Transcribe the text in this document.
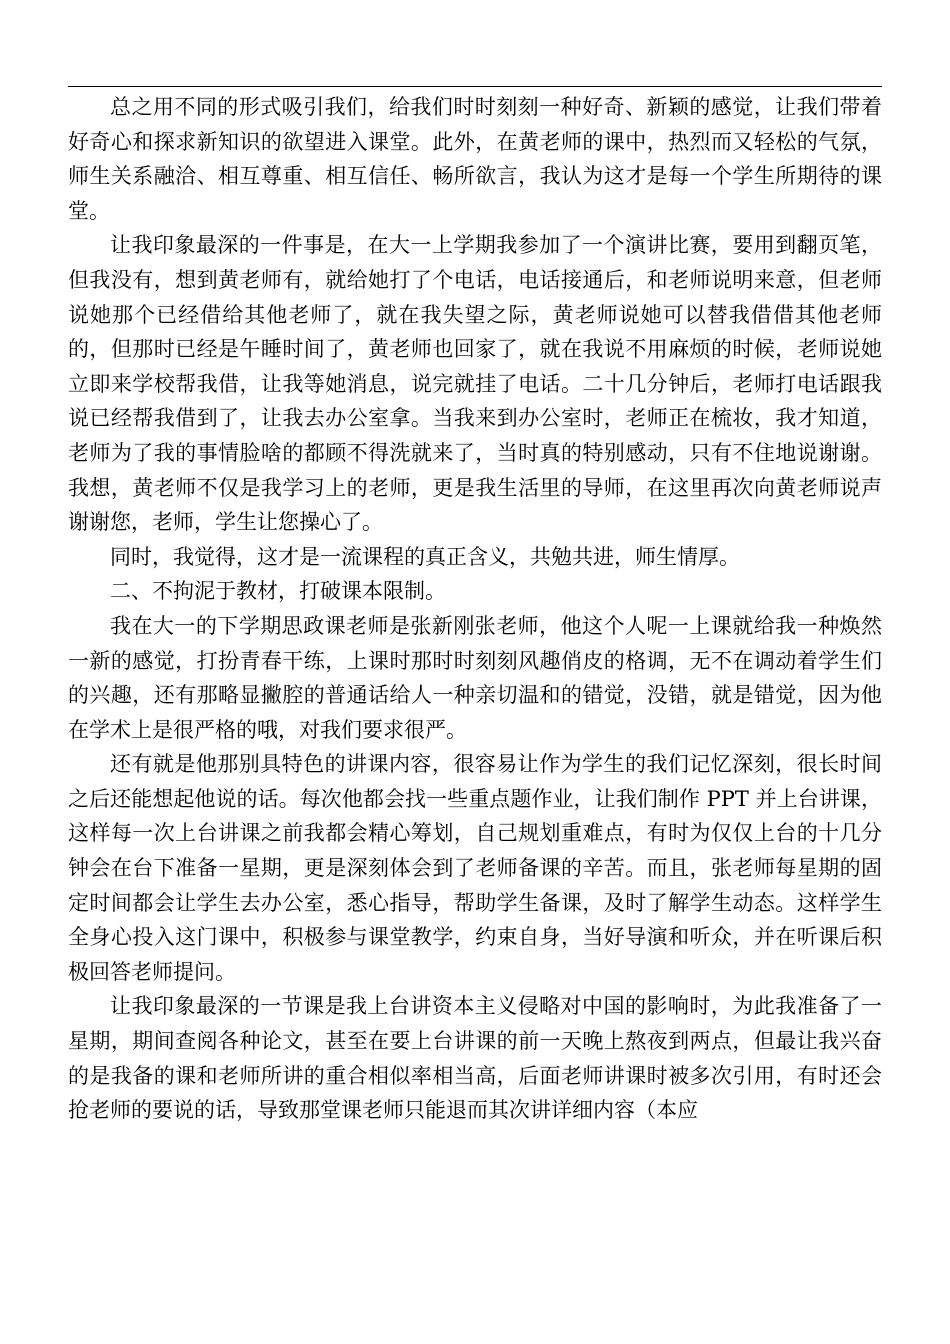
总之用不同的形式吸引我们，给我们时时刻刻一种好奇、新颖的感觉，让我们带着好奇心和探求新知识的欲望进入课堂。此外，在黄老师的课中，热烈而又轻松的气氛，师生关系融洽、相互尊重、相互信任、畅所欲言，我认为这才是每一个学生所期待的课堂。

让我印象最深的一件事是，在大一上学期我参加了一个演讲比赛，要用到翻页笔，但我没有，想到黄老师有，就给她打了个电话，电话接通后，和老师说明来意，但老师说她那个已经借给其他老师了，就在我失望之际，黄老师说她可以替我借借其他老师的，但那时已经是午睡时间了，黄老师也回家了，就在我说不用麻烦的时候，老师说她立即来学校帮我借，让我等她消息，说完就挂了电话。二十几分钟后，老师打电话跟我说已经帮我借到了，让我去办公室拿。当我来到办公室时，老师正在梳妆，我才知道，老师为了我的事情脸啥的都顾不得洗就来了，当时真的特别感动，只有不住地说谢谢。我想，黄老师不仅是我学习上的老师，更是我生活里的导师，在这里再次向黄老师说声谢谢您，老师，学生让您操心了。

同时，我觉得，这才是一流课程的真正含义，共勉共进，师生情厚。

二、不拘泥于教材，打破课本限制。

我在大一的下学期思政课老师是张新刚张老师，他这个人呢一上课就给我一种焕然一新的感觉，打扮青春干练，上课时那时时刻刻风趣俏皮的格调，无不在调动着学生们的兴趣，还有那略显撇腔的普通话给人一种亲切温和的错觉，没错，就是错觉，因为他在学术上是很严格的哦，对我们要求很严。

还有就是他那别具特色的讲课内容，很容易让作为学生的我们记忆深刻，很长时间之后还能想起他说的话。每次他都会找一些重点题作业，让我们制作 PPT 并上台讲课，这样每一次上台讲课之前我都会精心筹划，自己规划重难点，有时为仅仅上台的十几分钟会在台下准备一星期，更是深刻体会到了老师备课的辛苦。而且，张老师每星期的固定时间都会让学生去办公室，悉心指导，帮助学生备课，及时了解学生动态。这样学生全身心投入这门课中，积极参与课堂教学，约束自身，当好导演和听众，并在听课后积极回答老师提问。

让我印象最深的一节课是我上台讲资本主义侵略对中国的影响时，为此我准备了一星期，期间查阅各种论文，甚至在要上台讲课的前一天晚上熬夜到两点，但最让我兴奋的是我备的课和老师所讲的重合相似率相当高，后面老师讲课时被多次引用，有时还会抢老师的要说的话，导致那堂课老师只能退而其次讲详细内容（本应
